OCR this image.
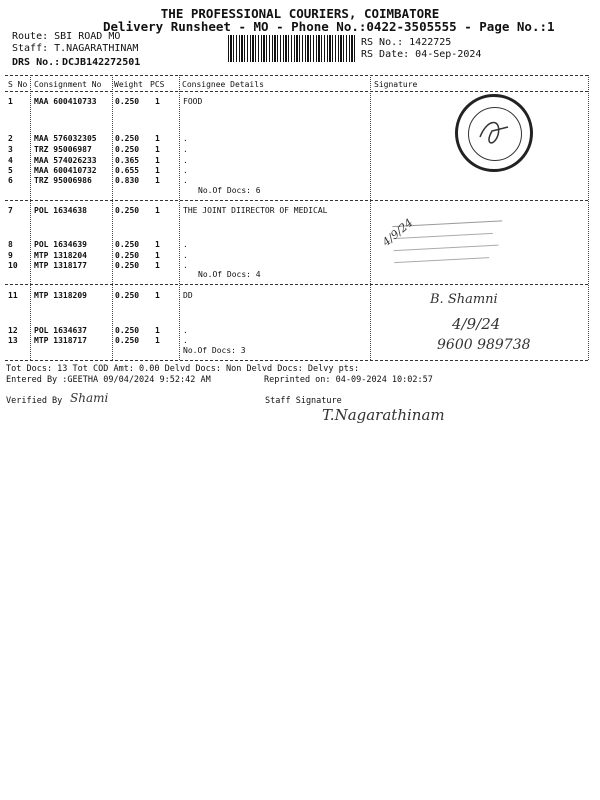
THE PROFESSIONAL COURIERS, COIMBATORE
Delivery Runsheet - MO - Phone No.:0422-3505555 - Page No.:1
Route: SBI ROAD MO
Staff: T.NAGARATHINAM
DRS No.: DCJB142272501
RS No.: 1422725
RS Date: 04-Sep-2024
S No Consignment No Weight PCS Consignee Details	Signature
1	MAA 600410733 0.250 1	FOOD
2	MAA 576032305 0.250 1	.
3	TRZ 95006987	0.250 1	.
4	MAA 574026233 0.365 1	.
5	MAA 600410732 0.655 1	.
6	TRZ 95006986	0.830 1	.
No.Of Docs: 6
7	POL 1634638	0.250 1	THE JOINT DIIRECTOR OF MEDICAL
8	POL 1634639	0.250 1	.
9	MTP 1318204	0.250 1	.
10 MTP 1318177	0.250 1	.
No.Of Docs: 4
11 MTP 1318209	0.250 1	DD
12 POL 1634637	0.250 1	.
13 MTP 1318717	0.250 1	.
No.Of Docs: 3
4/9/24
B. Shamni
4/9/24
9600 989738
Tot Docs: 13 Tot COD Amt: 0.00 Delvd Docs: Non Delvd Docs: Delvy pts:
Entered By :GEETHA 09/04/2024 9:52:42 AM	Reprinted on: 04-09-2024 10:02:57
Verified By Shami	Staff Signature
T.Nagarathinam
